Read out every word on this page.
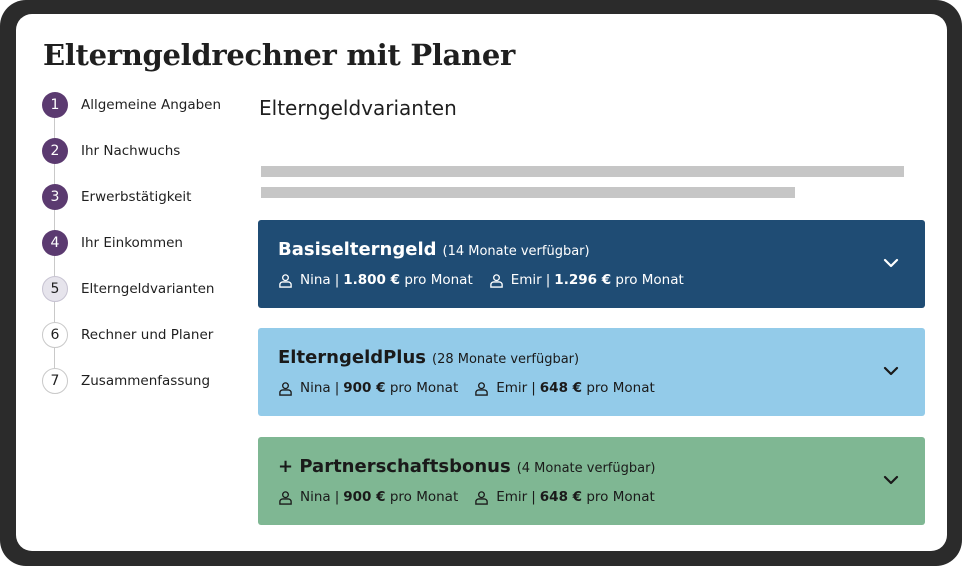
Elterngeldrechner mit Planer
1	Allgemeine Angaben
2	Ihr Nachwuchs
3	Erwerbstätigkeit
4	Ihr Einkommen
5	Elterngeldvarianten
6	Rechner und Planer
7	Zusammenfassung
Elterngeldvarianten
Basiselterngeld (14 Monate verfügbar)
Nina | 1.800 €
pro Monat	Emir | 1.296 €
pro Monat
ElterngeldPlus (28 Monate verfügbar)
Nina | 900 €
pro Monat	Emir | 648 €
pro Monat
+ Partnerschaftsbonus (4 Monate verfügbar)
Nina | 900 €
pro Monat	Emir | 648 €
pro Monat
